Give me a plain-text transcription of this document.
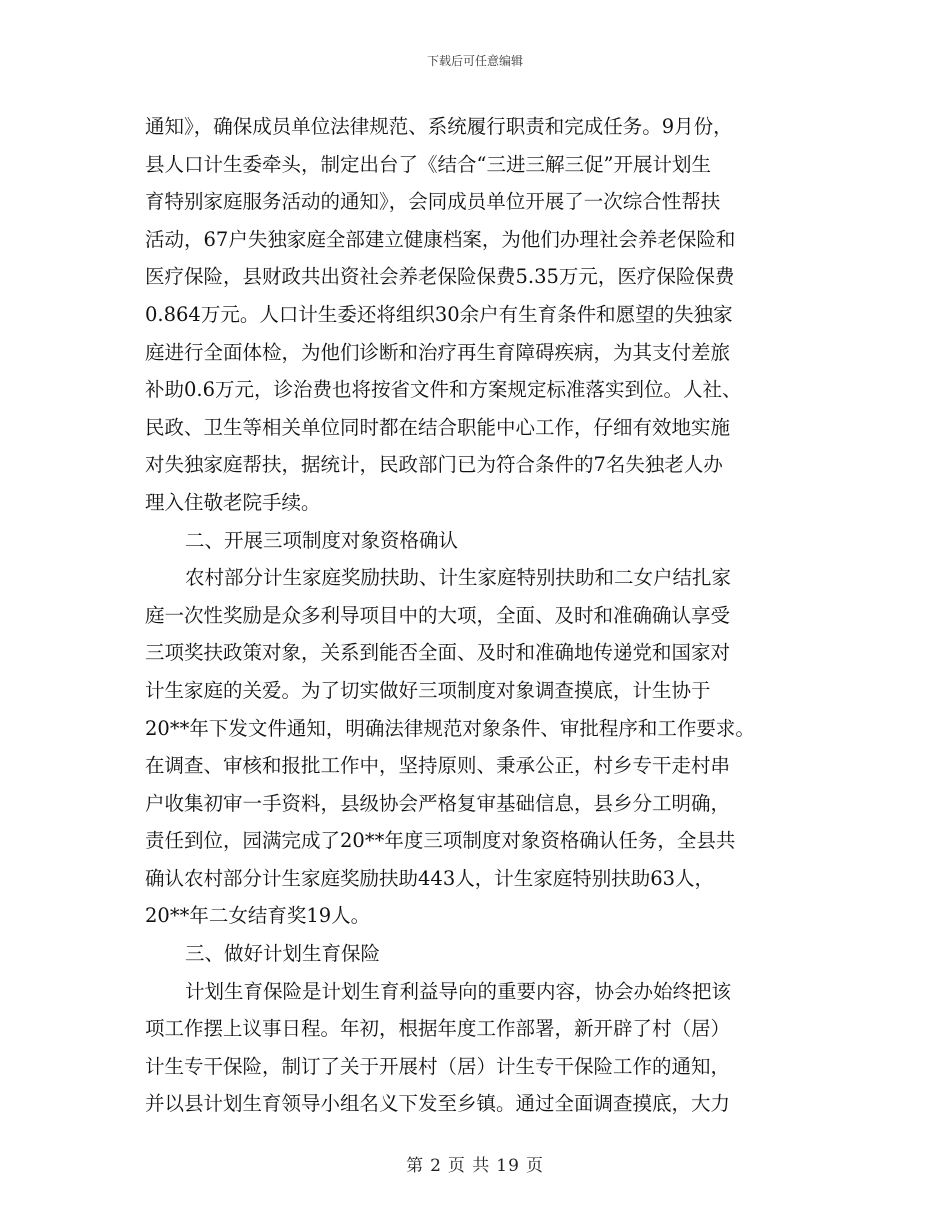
下载后可任意编辑

通知》，确保成员单位法律规范、系统履行职责和完成任务。9月份，
县人口计生委牵头，制定出台了《结合“三进三解三促”开展计划生
育特别家庭服务活动的通知》，会同成员单位开展了一次综合性帮扶
活动，67户失独家庭全部建立健康档案，为他们办理社会养老保险和
医疗保险，县财政共出资社会养老保险保费5.35万元，医疗保险保费
0.864万元。人口计生委还将组织30余户有生育条件和愿望的失独家
庭进行全面体检，为他们诊断和治疗再生育障碍疾病，为其支付差旅
补助0.6万元，诊治费也将按省文件和方案规定标准落实到位。人社、
民政、卫生等相关单位同时都在结合职能中心工作，仔细有效地实施
对失独家庭帮扶，据统计，民政部门已为符合条件的7名失独老人办
理入住敬老院手续。

二、开展三项制度对象资格确认

农村部分计生家庭奖励扶助、计生家庭特别扶助和二女户结扎家
庭一次性奖励是众多利导项目中的大项，全面、及时和准确确认享受
三项奖扶政策对象，关系到能否全面、及时和准确地传递党和国家对
计生家庭的关爱。为了切实做好三项制度对象调查摸底，计生协于
20**年下发文件通知，明确法律规范对象条件、审批程序和工作要求。
在调查、审核和报批工作中，坚持原则、秉承公正，村乡专干走村串
户收集初审一手资料，县级协会严格复审基础信息，县乡分工明确，
责任到位，园满完成了20**年度三项制度对象资格确认任务，全县共
确认农村部分计生家庭奖励扶助443人，计生家庭特别扶助63人，
20**年二女结育奖19人。

三、做好计划生育保险

计划生育保险是计划生育利益导向的重要内容，协会办始终把该
项工作摆上议事日程。年初，根据年度工作部署，新开辟了村（居）
计生专干保险，制订了关于开展村（居）计生专干保险工作的通知，
并以县计划生育领导小组名义下发至乡镇。通过全面调查摸底，大力

第 2 页 共 19 页
